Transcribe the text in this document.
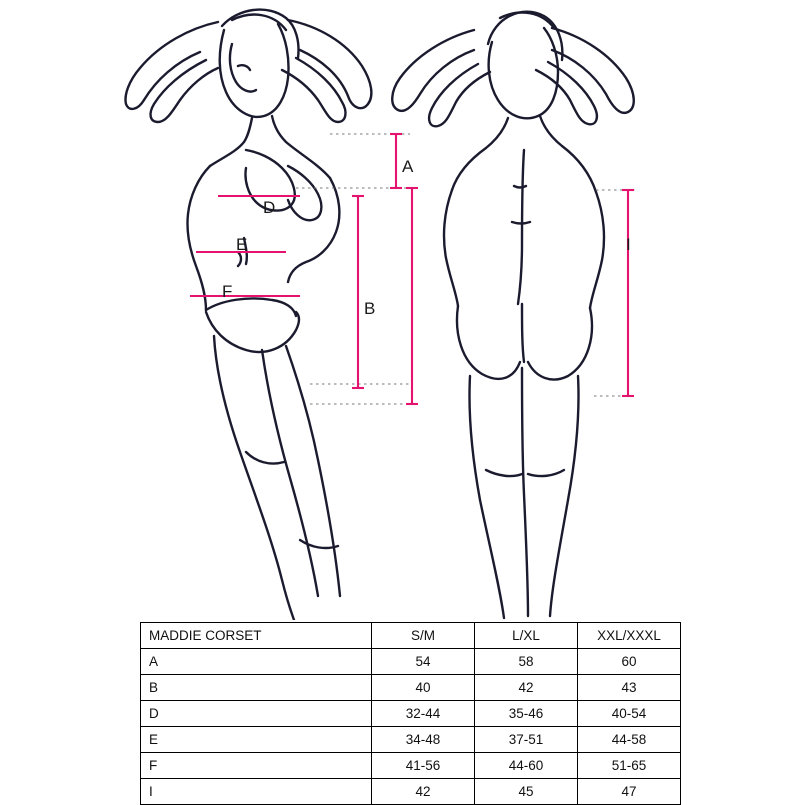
A
D
E
F
B
I
MADDIE CORSET	S/M	L/XL	XXL/XXXL
A	54	58	60
B	40	42	43
D	32-44	35-46	40-54
E	34-48	37-51	44-58
F	41-56	44-60	51-65
I	42	45	47
